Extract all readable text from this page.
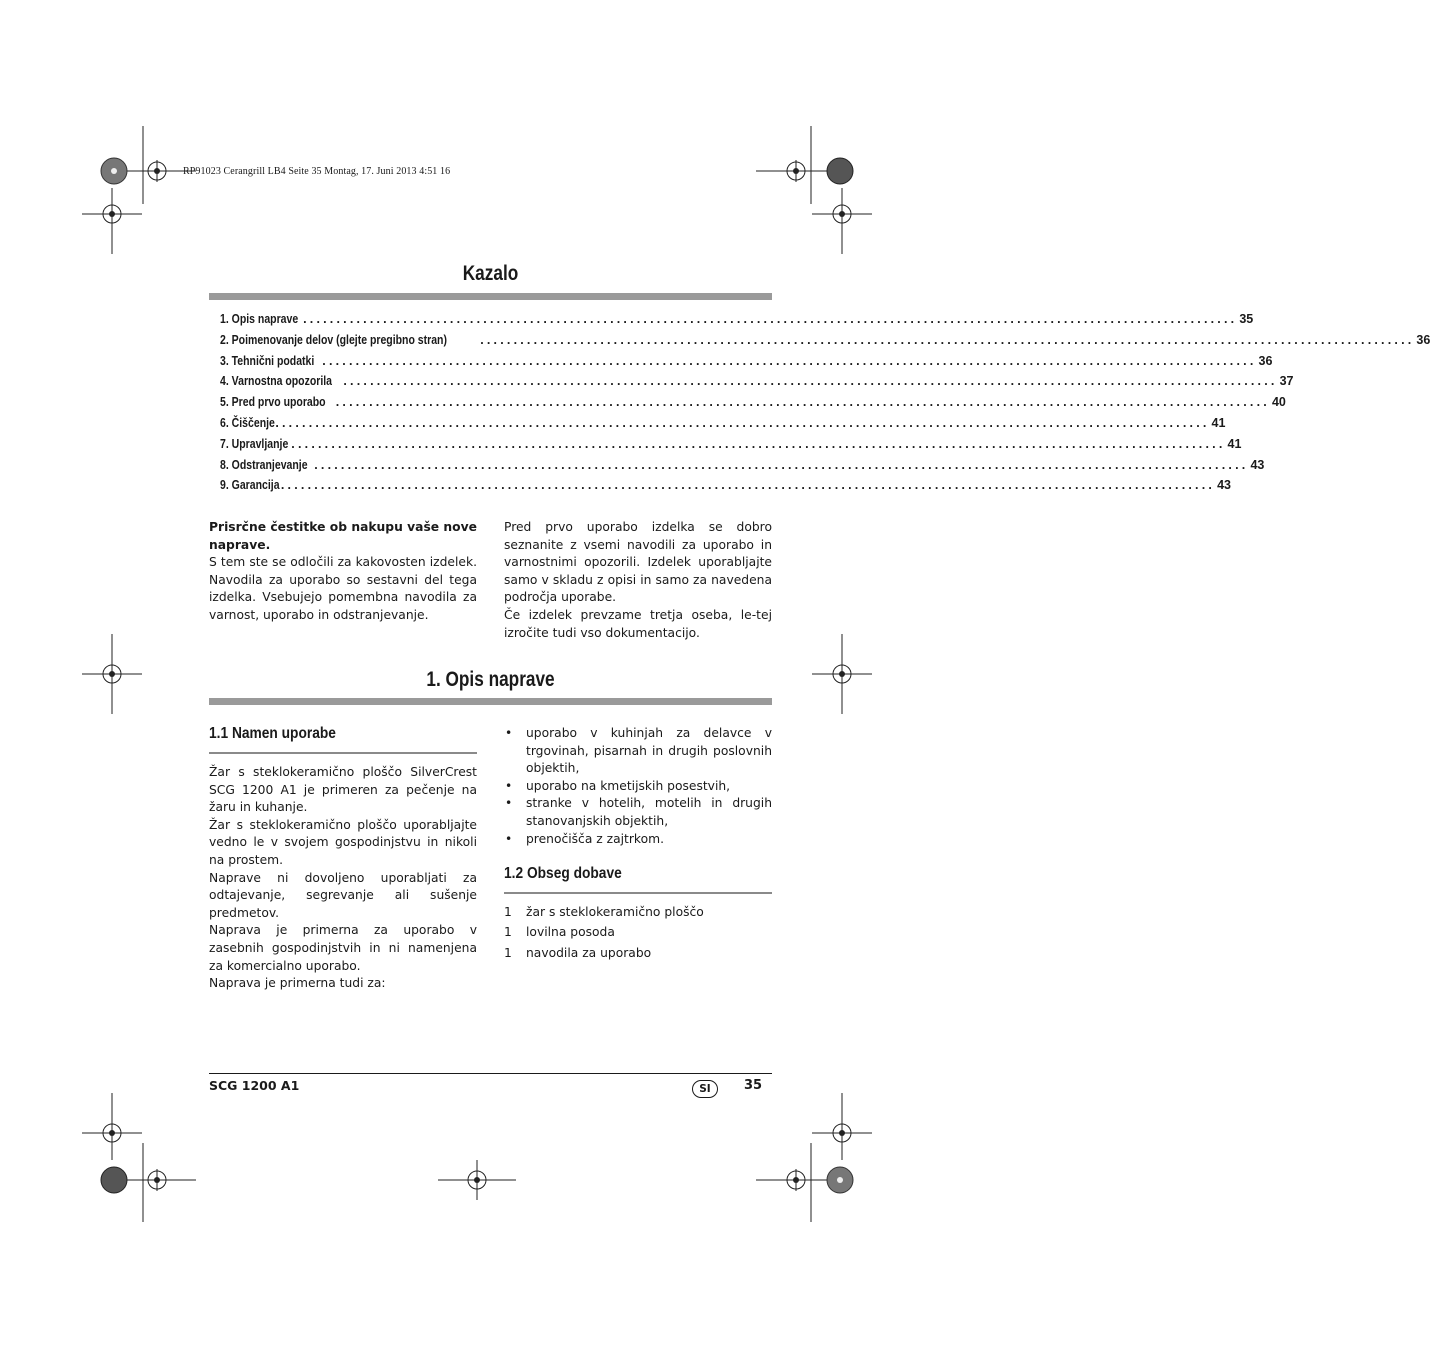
RP91023 Cerangrill LB4 Seite 35 Montag, 17. Juni 2013 4:51 16
Kazalo
1. Opis naprave ............................................................................................................................................ 35
2. Poimenovanje delov (glejte pregibno stran)	............................................................................................................................................ 36
3. Tehnični podatki ............................................................................................................................................ 36
4. Varnostna opozorila ............................................................................................................................................ 37
5. Pred prvo uporabo ............................................................................................................................................ 40
6. Čiščenje ............................................................................................................................................ 41
7. Upravljanje ............................................................................................................................................ 41
8. Odstranjevanje ............................................................................................................................................ 43
9. Garancija ............................................................................................................................................ 43

Prisrčne čestitke ob nakupu vaše nove naprave.

S tem ste se odločili za kakovosten izdelek. Navodila za uporabo so sestavni del tega izdelka. Vsebujejo pomembna navodila za varnost, uporabo in odstranjevanje.

Pred prvo uporabo izdelka se dobro seznanite z vsemi navodili za uporabo in varnostnimi opozorili. Izdelek uporabljajte samo v skladu z opisi in samo za navedena področja uporabe.

Če izdelek prevzame tretja oseba, le-tej izročite tudi vso dokumentacijo.

1. Opis naprave
1.1 Namen uporabe

Žar s steklokeramično ploščo SilverCrest SCG 1200 A1 je primeren za pečenje na žaru in kuhanje.

Žar s steklokeramično ploščo uporabljajte vedno le v svojem gospodinjstvu in nikoli na prostem.

Naprave ni dovoljeno uporabljati za odtajevanje, segrevanje ali sušenje predmetov.

Naprava je primerna za uporabo v zasebnih gospodinjstvih in ni namenjena za komercialno uporabo.

Naprava je primerna tudi za:

• uporabo v kuhinjah za delavce v trgovinah, pisarnah in drugih poslovnih objektih,
• uporabo na kmetijskih posestvih,
• stranke v hotelih, motelih in drugih stanovanjskih objektih,
• prenočišča z zajtrkom.
1.2 Obseg dobave
1 žar s steklokeramično ploščo
1 lovilna posoda
1 navodila za uporabo
SCG 1200 A1	SI	35
